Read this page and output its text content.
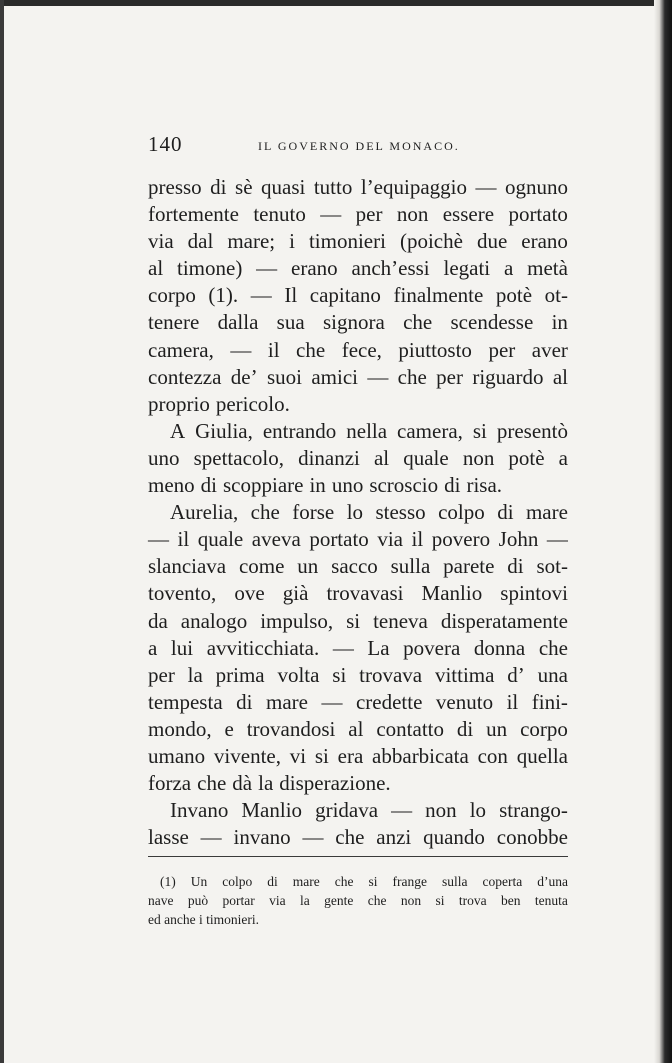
140	IL GOVERNO DEL MONACO.
presso di sè quasi tutto l’equipaggio — ognuno
fortemente tenuto — per non essere portato
via dal mare; i timonieri (poichè due erano
al timone) — erano anch’essi legati a metà
corpo (1). — Il capitano finalmente potè ot-
tenere dalla sua signora che scendesse in
camera, — il che fece, piuttosto per aver
contezza de’ suoi amici — che per riguardo al
proprio pericolo.
A Giulia, entrando nella camera, si presentò
uno spettacolo, dinanzi al quale non potè a
meno di scoppiare in uno scroscio di risa.
Aurelia, che forse lo stesso colpo di mare
— il quale aveva portato via il povero John —
slanciava come un sacco sulla parete di sot-
tovento, ove già trovavasi Manlio spintovi
da analogo impulso, si teneva disperatamente
a lui avviticchiata. — La povera donna che
per la prima volta si trovava vittima d’ una
tempesta di mare — credette venuto il fini-
mondo, e trovandosi al contatto di un corpo
umano vivente, vi si era abbarbicata con quella
forza che dà la disperazione.
Invano Manlio gridava — non lo strango-
lasse — invano — che anzi quando conobbe
(1) Un colpo di mare che si frange sulla coperta d’una
nave può portar via la gente che non si trova ben tenuta
ed anche i timonieri.
